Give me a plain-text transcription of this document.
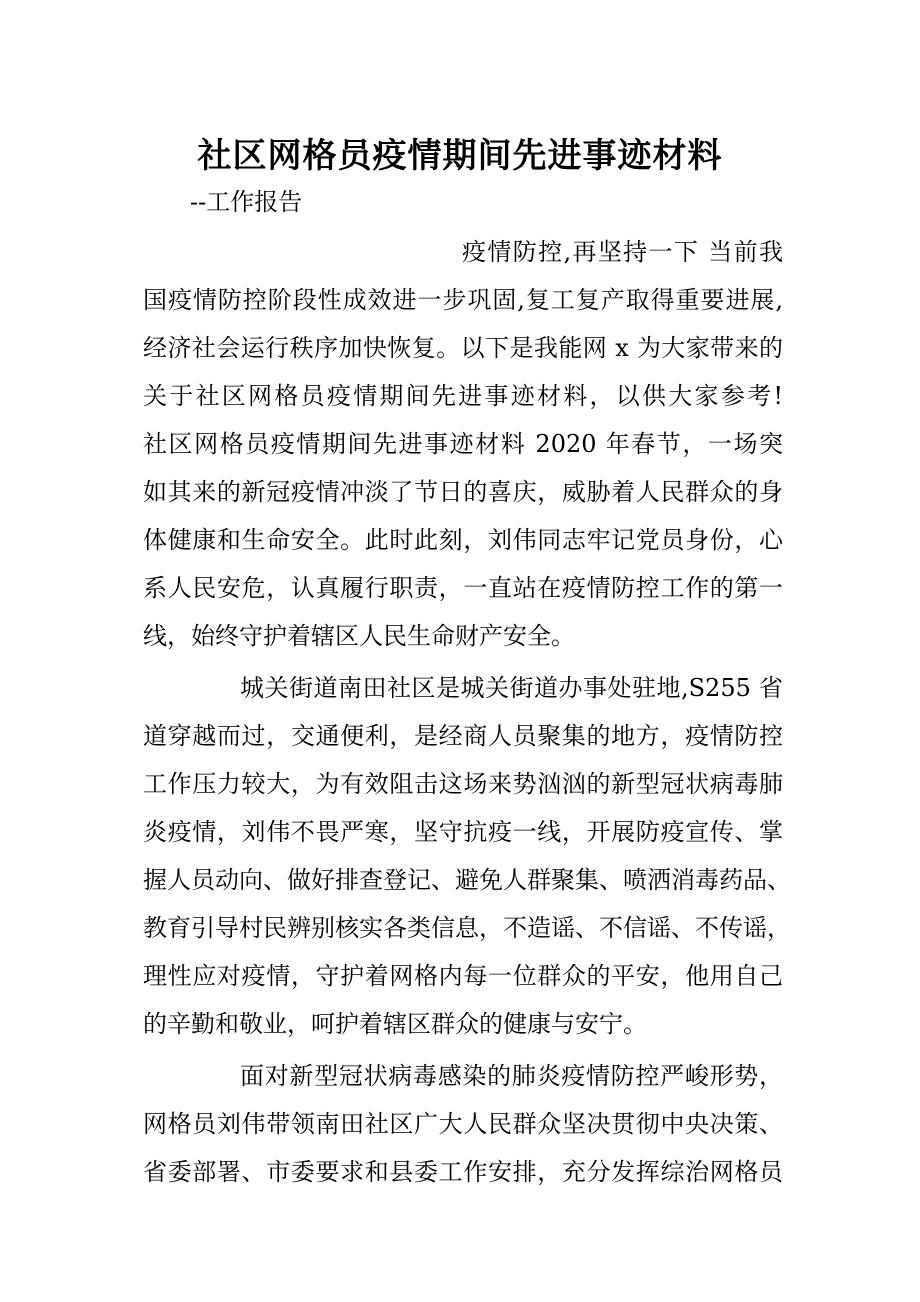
社区网格员疫情期间先进事迹材料
--工作报告
疫情防控,再坚持一下 当前我
国疫情防控阶段性成效进一步巩固,复工复产取得重要进展,
经济社会运行秩序加快恢复。以下是我能网 x 为大家带来的
关于社区网格员疫情期间先进事迹材料，以供大家参考!
社区网格员疫情期间先进事迹材料 2020 年春节，一场突
如其来的新冠疫情冲淡了节日的喜庆，威胁着人民群众的身
体健康和生命安全。此时此刻，刘伟同志牢记党员身份，心
系人民安危，认真履行职责，一直站在疫情防控工作的第一
线，始终守护着辖区人民生命财产安全。
城关街道南田社区是城关街道办事处驻地,S255 省
道穿越而过，交通便利，是经商人员聚集的地方，疫情防控
工作压力较大，为有效阻击这场来势汹汹的新型冠状病毒肺
炎疫情，刘伟不畏严寒，坚守抗疫一线，开展防疫宣传、掌
握人员动向、做好排查登记、避免人群聚集、喷洒消毒药品、
教育引导村民辨别核实各类信息，不造谣、不信谣、不传谣，
理性应对疫情，守护着网格内每一位群众的平安，他用自己
的辛勤和敬业，呵护着辖区群众的健康与安宁。
面对新型冠状病毒感染的肺炎疫情防控严峻形势，
网格员刘伟带领南田社区广大人民群众坚决贯彻中央决策、
省委部署、市委要求和县委工作安排，充分发挥综治网格员
